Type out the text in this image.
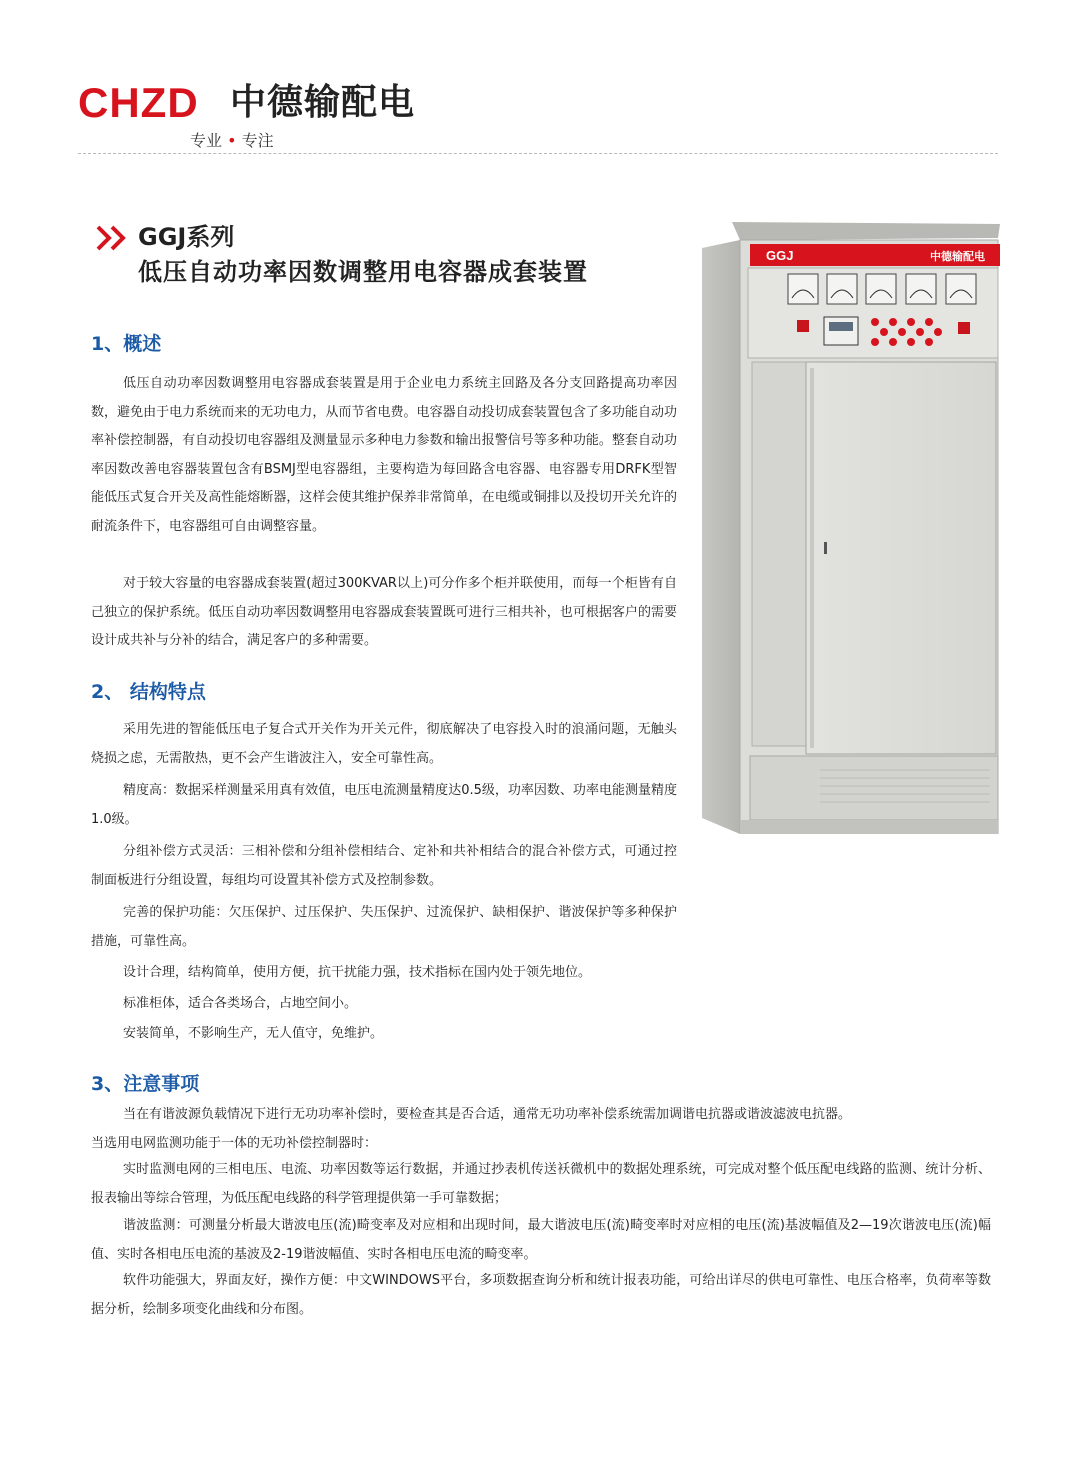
CHZD 中德输配电
专业 • 专注
GGJ系列
低压自动功率因数调整用电容器成套装置
GGJ	中德输配电
1、概述
低压自动功率因数调整用电容器成套装置是用于企业电力系统主回路及各分支回路提高功率因数，避免由于电力系统而来的无功电力，从而节省电费。电容器自动投切成套装置包含了多功能自动功率补偿控制器，有自动投切电容器组及测量显示多种电力参数和输出报警信号等多种功能。整套自动功率因数改善电容器装置包含有BSMJ型电容器组，主要构造为每回路含电容器、电容器专用DRFK型智能低压式复合开关及高性能熔断器，这样会使其维护保养非常简单，在电缆或铜排以及投切开关允许的耐流条件下，电容器组可自由调整容量。
对于较大容量的电容器成套装置(超过300KVAR以上)可分作多个柜并联使用，而每一个柜皆有自己独立的保护系统。低压自动功率因数调整用电容器成套装置既可进行三相共补，也可根据客户的需要设计成共补与分补的结合，满足客户的多种需要。
2、 结构特点
采用先进的智能低压电子复合式开关作为开关元件，彻底解决了电容投入时的浪涌问题，无触头烧损之虑，无需散热，更不会产生谐波注入，安全可靠性高。
精度高：数据采样测量采用真有效值，电压电流测量精度达0.5级，功率因数、功率电能测量精度1.0级。
分组补偿方式灵活：三相补偿和分组补偿相结合、定补和共补相结合的混合补偿方式，可通过控制面板进行分组设置，每组均可设置其补偿方式及控制参数。
完善的保护功能：欠压保护、过压保护、失压保护、过流保护、缺相保护、谐波保护等多种保护措施，可靠性高。
设计合理，结构简单，使用方便，抗干扰能力强，技术指标在国内处于领先地位。
标准柜体，适合各类场合，占地空间小。
安装简单，不影响生产，无人值守，免维护。
3、注意事项
当在有谐波源负载情况下进行无功功率补偿时，要检查其是否合适，通常无功功率补偿系统需加调谐电抗器或谐波滤波电抗器。
当选用电网监测功能于一体的无功补偿控制器时：
实时监测电网的三相电压、电流、功率因数等运行数据，并通过抄表机传送袄微机中的数据处理系统，可完成对整个低压配电线路的监测、统计分析、报表输出等综合管理，为低压配电线路的科学管理提供第一手可靠数据；
谐波监测：可测量分析最大谐波电压(流)畸变率及对应相和出现时间，最大谐波电压(流)畸变率时对应相的电压(流)基波幅值及2—19次谐波电压(流)幅值、实时各相电压电流的基波及2-19谐波幅值、实时各相电压电流的畸变率。
软件功能强大，界面友好，操作方便：中文WINDOWS平台，多项数据查询分析和统计报表功能，可给出详尽的供电可靠性、电压合格率，负荷率等数据分析，绘制多项变化曲线和分布图。
